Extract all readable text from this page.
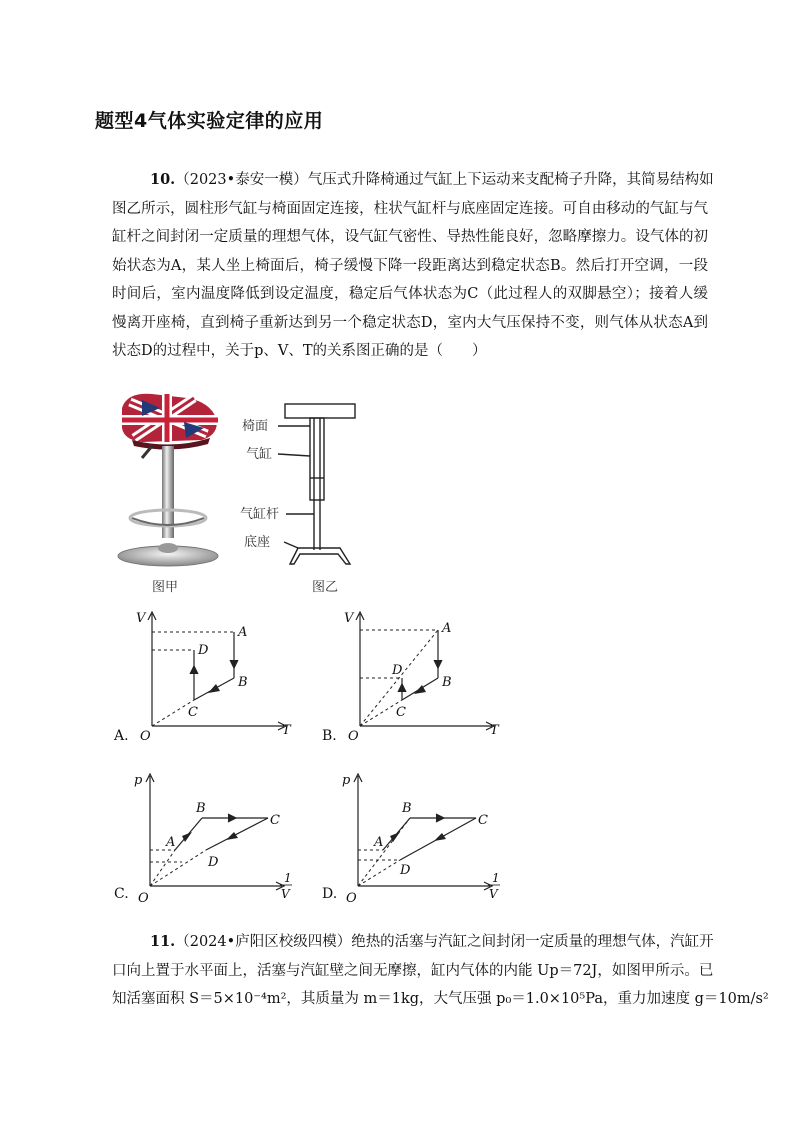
题型4气体实验定律的应用
10.（2023•泰安一模）气压式升降椅通过气缸上下运动来支配椅子升降，其简易结构如
图乙所示，圆柱形气缸与椅面固定连接，柱状气缸杆与底座固定连接。可自由移动的气缸与气
缸杆之间封闭一定质量的理想气体，设气缸气密性、导热性能良好，忽略摩擦力。设气体的初
始状态为A，某人坐上椅面后，椅子缓慢下降一段距离达到稳定状态B。然后打开空调，一段
时间后，室内温度降低到设定温度，稳定后气体状态为C（此过程人的双脚悬空）；接着人缓
慢离开座椅，直到椅子重新达到另一个稳定状态D，室内大气压保持不变，则气体从状态A到
状态D的过程中，关于p、V、T的关系图正确的是（　　）
图甲
椅面
气缸
气缸杆
底座
图乙
V
T
O
A
B
C
D
A.
V
T
O
A
B
C
D
B.
p
O
A
B
C
D
1
V
C.
p
O
A
B
C
D	1
V
D.
11.（2024•庐阳区校级四模）绝热的活塞与汽缸之间封闭一定质量的理想气体，汽缸开
口向上置于水平面上，活塞与汽缸壁之间无摩擦，缸内气体的内能 Up＝72J，如图甲所示。已
知活塞面积 S＝5×10⁻⁴m²，其质量为 m＝1kg，大气压强 p₀＝1.0×10⁵Pa，重力加速度 g＝10m/s²
